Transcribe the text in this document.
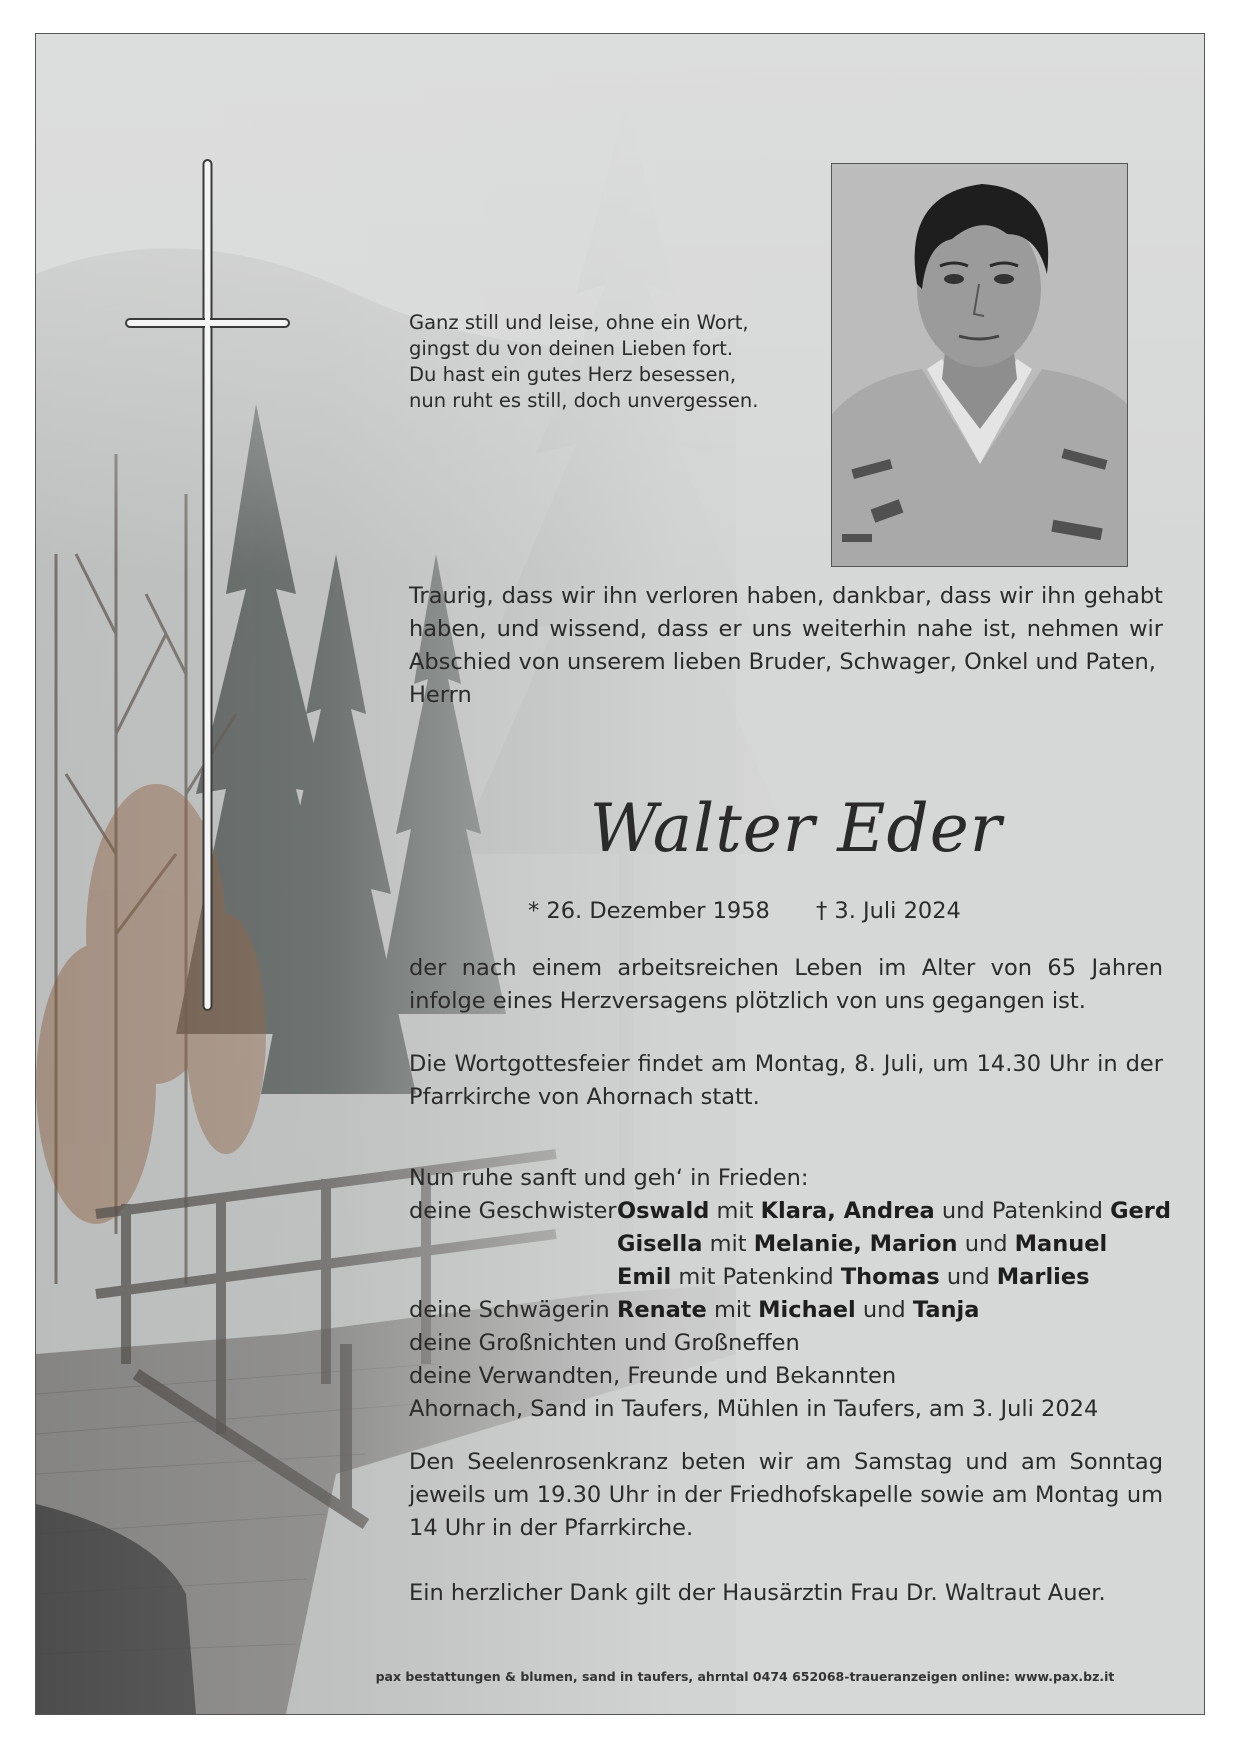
Ganz still und leise, ohne ein Wort,
gingst du von deinen Lieben fort.
Du hast ein gutes Herz besessen,
nun ruht es still, doch unvergessen.
Traurig, dass wir ihn verloren haben, dankbar, dass wir ihn gehabt haben, und wissend, dass er uns weiterhin nahe ist, nehmen wir Abschied von unserem lieben Bruder, Schwager, Onkel und Paten,
Herrn
Walter Eder
* 26. Dezember 1958 † 3. Juli 2024
der nach einem arbeitsreichen Leben im Alter von 65 Jahren infolge eines Herzversagens plötzlich von uns gegangen ist.
Die Wortgottesfeier findet am Montag, 8. Juli, um 14.30 Uhr in der Pfarrkirche von Ahornach statt.
Nun ruhe sanft und geh‘ in Frieden:
deine Geschwister Oswald mit Klara, Andrea und Patenkind Gerd
Gisella mit Melanie, Marion und Manuel
Emil mit Patenkind Thomas und Marlies
deine Schwägerin Renate mit Michael und Tanja
deine Großnichten und Großneffen
deine Verwandten, Freunde und Bekannten
Ahornach, Sand in Taufers, Mühlen in Taufers, am 3. Juli 2024
Den Seelenrosenkranz beten wir am Samstag und am Sonntag jeweils um 19.30 Uhr in der Friedhofskapelle sowie am Montag um 14 Uhr in der Pfarrkirche.
Ein herzlicher Dank gilt der Hausärztin Frau Dr. Waltraut Auer.
pax bestattungen & blumen, sand in taufers, ahrntal 0474 652068-traueranzeigen online: www.pax.bz.it
